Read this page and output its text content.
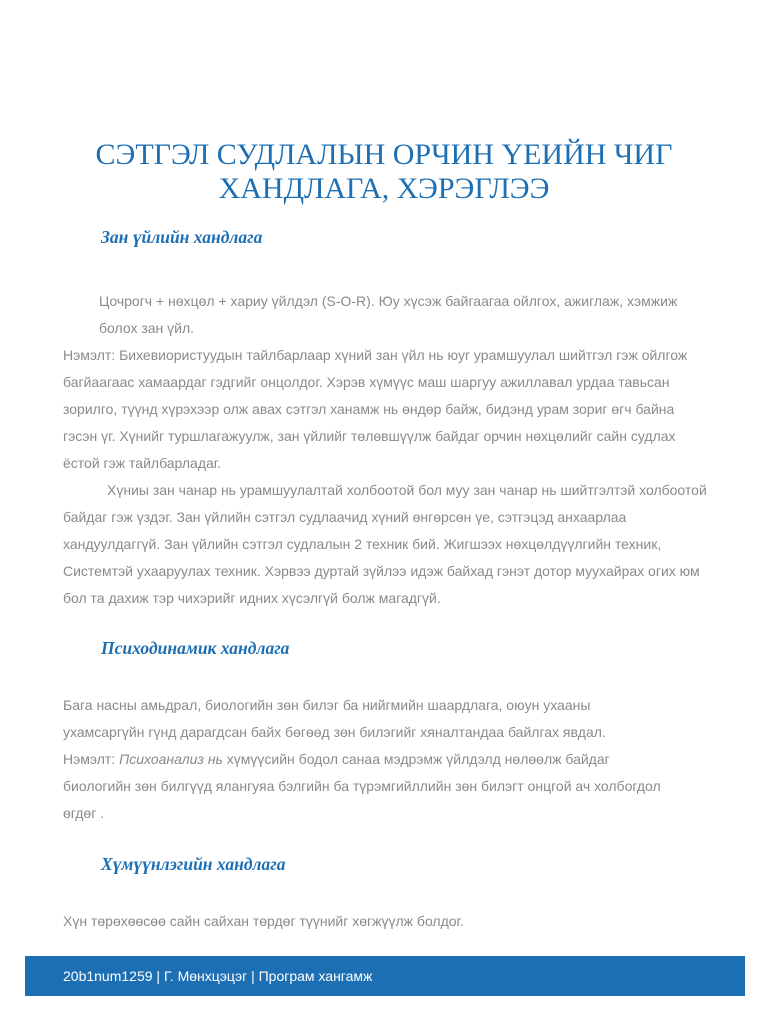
СЭТГЭЛ СУДЛАЛЫН ОРЧИН ҮЕИЙН ЧИГ
ХАНДЛАГА, ХЭРЭГЛЭЭ
Зан үйлийн хандлага

Цочрогч + нөхцөл + хариу үйлдэл (S-O-R). Юу хүсэж байгаагаа ойлгох, ажиглаж, хэмжиж болох зан үйл.

Нэмэлт: Бихевиористуудын тайлбарлаар хүний зан үйл нь юуг урамшуулал шийтгэл гэж ойлгож багйаагаас хамаардаг гэдгийг онцолдог. Хэрэв хүмүүс маш шаргуу ажиллавал урдаа тавьсан зорилго, түүнд хүрэхээр олж авах сэтгэл ханамж нь өндөр байж, бидэнд урам зориг өгч байна гэсэн үг. Хүнийг туршлагажуулж, зан үйлийг төлөвшүүлж байдаг орчин нөхцөлийг сайн судлах ёстой гэж тайлбарладаг.

Хүниы зан чанар нь урамшуулалтай холбоотой бол муу зан чанар нь шийтгэлтэй холбоотой байдаг гэж үздэг. Зан үйлийн сэтгэл судлаачид хүний өнгөрсөн үе, сэтгэцэд анхаарлаа хандуулдаггүй. Зан үйлийн сэтгэл судлалын 2 техник бий. Жигшээх нөхцөлдүүлгийн техник, Системтэй ухааруулах техник. Хэрвээ дуртай зүйлээ идэж байхад гэнэт дотор муухайрах огих юм бол та дахиж тэр чихэрийг идних хүсэлгүй болж магадгүй.

Психодинамик хандлага

Бага насны амьдрал, биологийн зөн билэг ба нийгмийн шаардлага, оюун ухааны ухамсаргүйн гүнд дарагдсан байх бөгөөд зөн билэгийг хяналтандаа байлгах явдал.

Нэмэлт: Психоанализ нь хүмүүсийн бодол санаа мэдрэмж үйлдэлд нөлөөлж байдаг биологийн зөн билгүүд ялангуяа бэлгийн ба түрэмгийллийн зөн билэгт онцгой ач холбогдол өгдөг .

Хүмүүнлэгийн хандлага

Хүн төрөхөөсөө сайн сайхан төрдөг түүнийг хөгжүүлж болдог.

20b1num1259 | Г. Мөнхцэцэг | Програм хангамж
